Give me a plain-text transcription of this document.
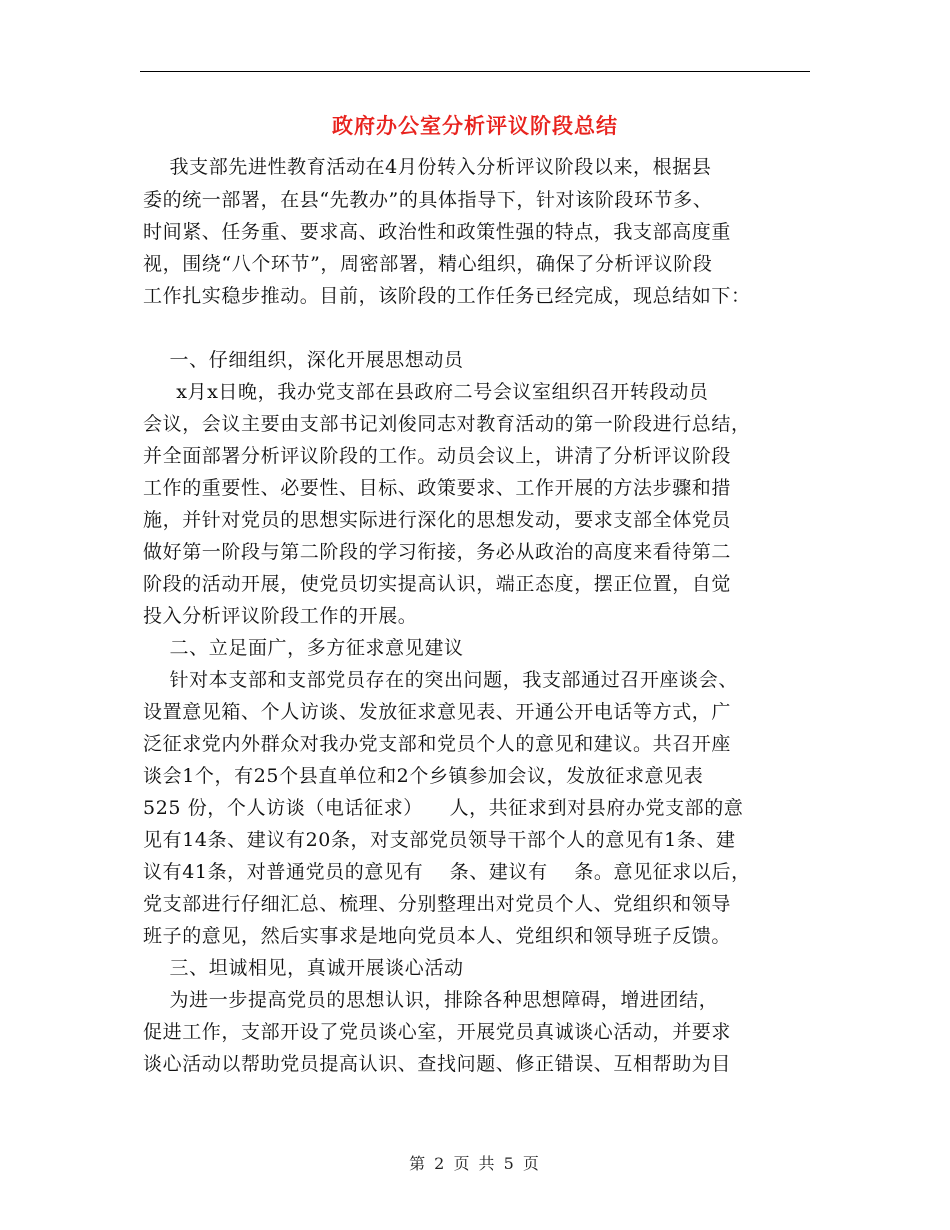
政府办公室分析评议阶段总结
我支部先进性教育活动在4月份转入分析评议阶段以来，根据县
委的统一部署，在县“先教办”的具体指导下，针对该阶段环节多、
时间紧、任务重、要求高、政治性和政策性强的特点，我支部高度重
视，围绕“八个环节”，周密部署，精心组织，确保了分析评议阶段
工作扎实稳步推动。目前，该阶段的工作任务已经完成，现总结如下：
一、仔细组织，深化开展思想动员
x月x日晚，我办党支部在县政府二号会议室组织召开转段动员
会议，会议主要由支部书记刘俊同志对教育活动的第一阶段进行总结，
并全面部署分析评议阶段的工作。动员会议上，讲清了分析评议阶段
工作的重要性、必要性、目标、政策要求、工作开展的方法步骤和措
施，并针对党员的思想实际进行深化的思想发动，要求支部全体党员
做好第一阶段与第二阶段的学习衔接，务必从政治的高度来看待第二
阶段的活动开展，使党员切实提高认识，端正态度，摆正位置，自觉
投入分析评议阶段工作的开展。
二、立足面广，多方征求意见建议
针对本支部和支部党员存在的突出问题，我支部通过召开座谈会、
设置意见箱、个人访谈、发放征求意见表、开通公开电话等方式，广
泛征求党内外群众对我办党支部和党员个人的意见和建议。共召开座
谈会1个，有25个县直单位和2个乡镇参加会议，发放征求意见表
525 份，个人访谈（电话征求）    人，共征求到对县府办党支部的意
见有14条、建议有20条，对支部党员领导干部个人的意见有1条、建
议有41条，对普通党员的意见有    条、建议有    条。意见征求以后，
党支部进行仔细汇总、梳理、分别整理出对党员个人、党组织和领导
班子的意见，然后实事求是地向党员本人、党组织和领导班子反馈。
三、坦诚相见，真诚开展谈心活动
为进一步提高党员的思想认识，排除各种思想障碍，增进团结，
促进工作，支部开设了党员谈心室，开展党员真诚谈心活动，并要求
谈心活动以帮助党员提高认识、查找问题、修正错误、互相帮助为目
第 2 页 共 5 页
